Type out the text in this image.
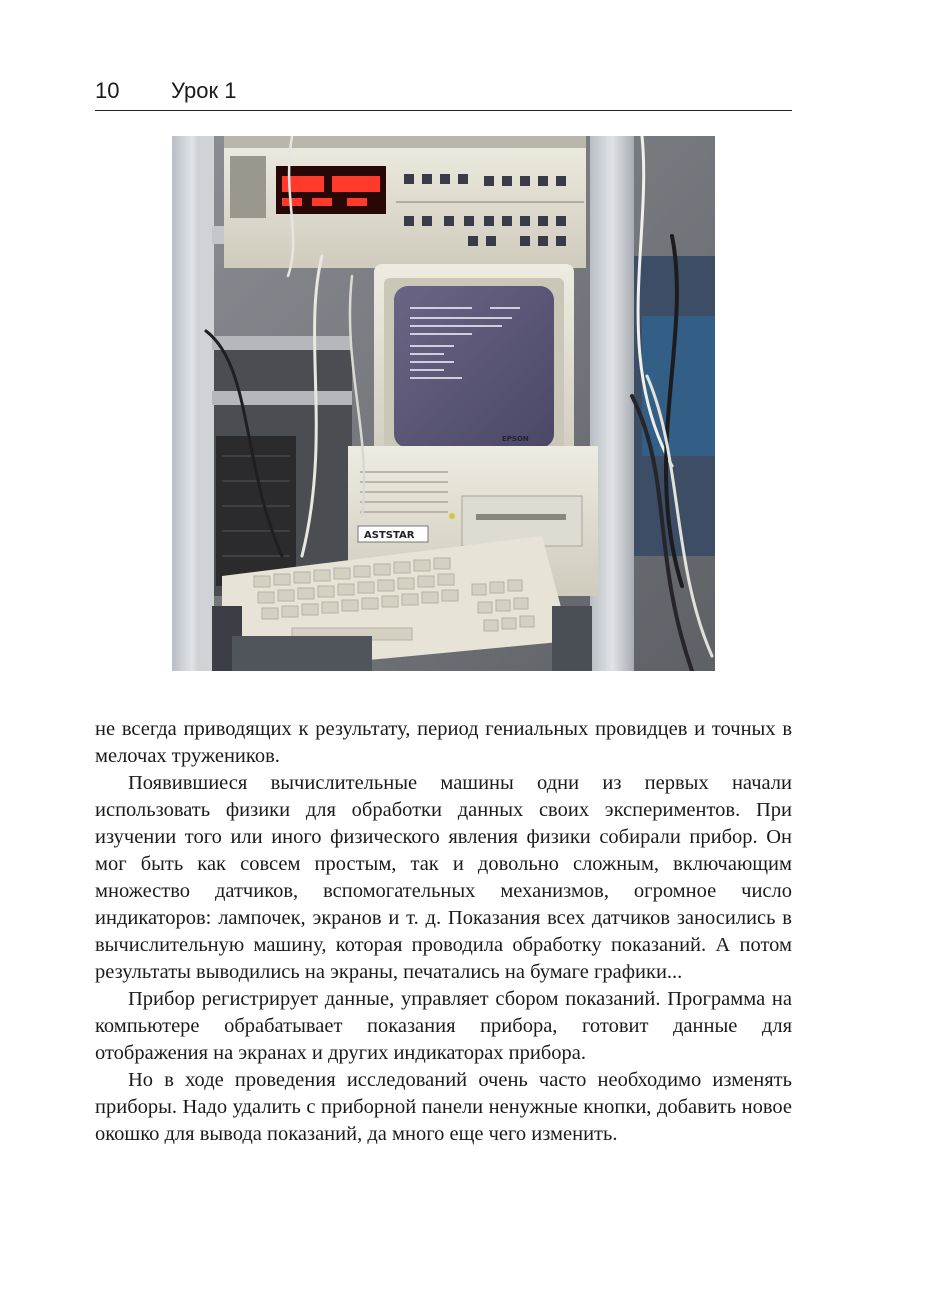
10 Урок 1
ASTSTAR
EPSON

не всегда приводящих к результату, период гениальных провидцев и точных в мелочах тружеников.

Появившиеся вычислительные машины одни из первых начали использовать физики для обработки данных своих экспериментов. При изучении того или иного физического явления физики собирали прибор. Он мог быть как совсем простым, так и довольно сложным, включающим множество датчиков, вспомогательных механизмов, огромное число индикаторов: лампочек, экранов и т. д. Показания всех датчиков заносились в вычислительную машину, которая проводила обработку показаний. А потом результаты выводились на экраны, печатались на бумаге графики...

Прибор регистрирует данные, управляет сбором показаний. Программа на компьютере обрабатывает показания прибора, готовит данные для отображения на экранах и других индикаторах прибора.

Но в ходе проведения исследований очень часто необходимо изменять приборы. Надо удалить с приборной панели ненужные кнопки, добавить новое окошко для вывода показаний, да много еще чего изменить.
